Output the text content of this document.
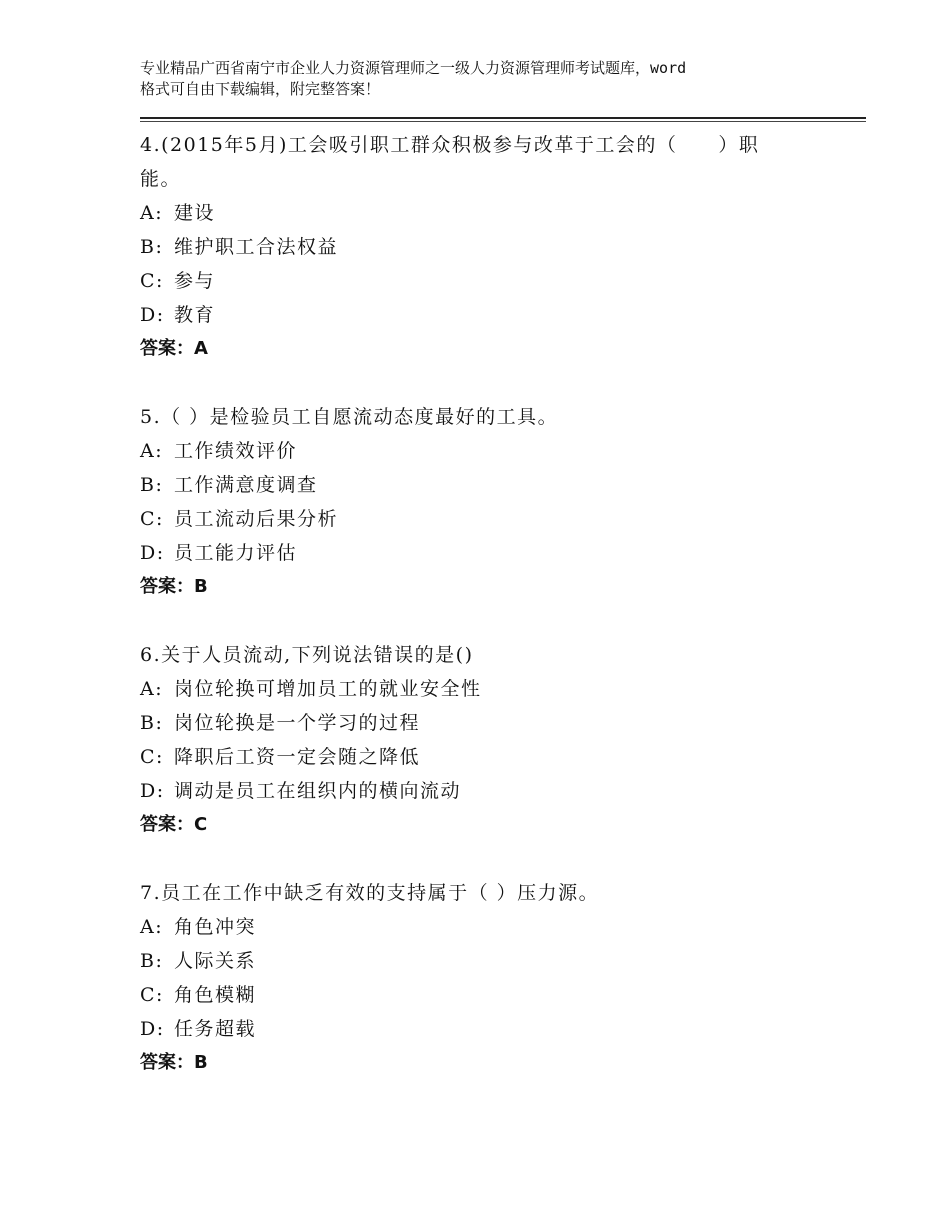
专业精品广西省南宁市企业人力资源管理师之一级人力资源管理师考试题库，word
格式可自由下载编辑，附完整答案！
4.(2015年5月)工会吸引职工群众积极参与改革于工会的（　　）职能。
A: 建设
B: 维护职工合法权益
C: 参与
D: 教育
答案：A
5.（ ）是检验员工自愿流动态度最好的工具。
A: 工作绩效评价
B: 工作满意度调查
C: 员工流动后果分析
D: 员工能力评估
答案：B
6.关于人员流动,下列说法错误的是()
A: 岗位轮换可增加员工的就业安全性
B: 岗位轮换是一个学习的过程
C: 降职后工资一定会随之降低
D: 调动是员工在组织内的横向流动
答案：C
7.员工在工作中缺乏有效的支持属于（ ）压力源。
A: 角色冲突
B: 人际关系
C: 角色模糊
D: 任务超载
答案：B
